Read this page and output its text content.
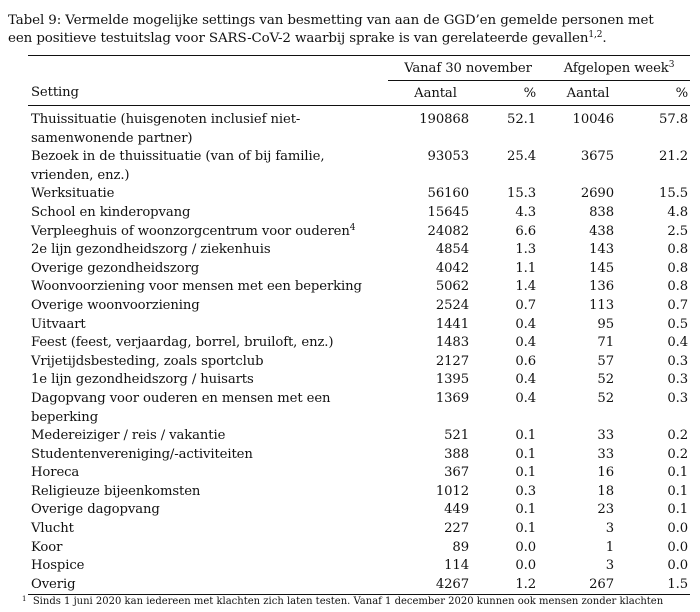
Tabel 9: Vermelde mogelijke settings van besmetting van aan de GGD’en gemelde personen met
een positieve testuitslag voor SARS-CoV-2 waarbij sprake is van gerelateerde gevallen$^{1,2}$.
	Vanaf 30 november		Afgelopen week$^3$
Setting	Aantal	%	Aantal	%
Thuissituatie (huisgenoten inclusief niet-samenwonende partner)	190868	52.1	10046	57.8
Bezoek in de thuissituatie (van of bij familie, vrienden, enz.)	93053	25.4	3675	21.2
Werksituatie	56160	15.3	2690	15.5
School en kinderopvang	15645	4.3	838	4.8
Verpleeghuis of woonzorgcentrum voor ouderen$^4$	24082	6.6	438	2.5
2e lijn gezondheidszorg / ziekenhuis	4854	1.3	143	0.8
Overige gezondheidszorg	4042	1.1	145	0.8
Woonvoorziening voor mensen met een beperking	5062	1.4	136	0.8
Overige woonvoorziening	2524	0.7	113	0.7
Uitvaart	1441	0.4	95	0.5
Feest (feest, verjaardag, borrel, bruiloft, enz.)	1483	0.4	71	0.4
Vrijetijdsbesteding, zoals sportclub	2127	0.6	57	0.3
1e lijn gezondheidszorg / huisarts	1395	0.4	52	0.3
Dagopvang voor ouderen en mensen met een beperking	1369	0.4	52	0.3
Medereiziger / reis / vakantie	521	0.1	33	0.2
Studentenvereniging/-activiteiten	388	0.1	33	0.2
Horeca	367	0.1	16	0.1
Religieuze bijeenkomsten	1012	0.3	18	0.1
Overige dagopvang	449	0.1	23	0.1
Vlucht	227	0.1	3	0.0
Koor	89	0.0	1	0.0
Hospice	114	0.0	3	0.0
Overig	4267	1.2	267	1.5
$^1$ Sinds 1 juni 2020 kan iedereen met klachten zich laten testen. Vanaf 1 december 2020 kunnen ook mensen zonder klachten
